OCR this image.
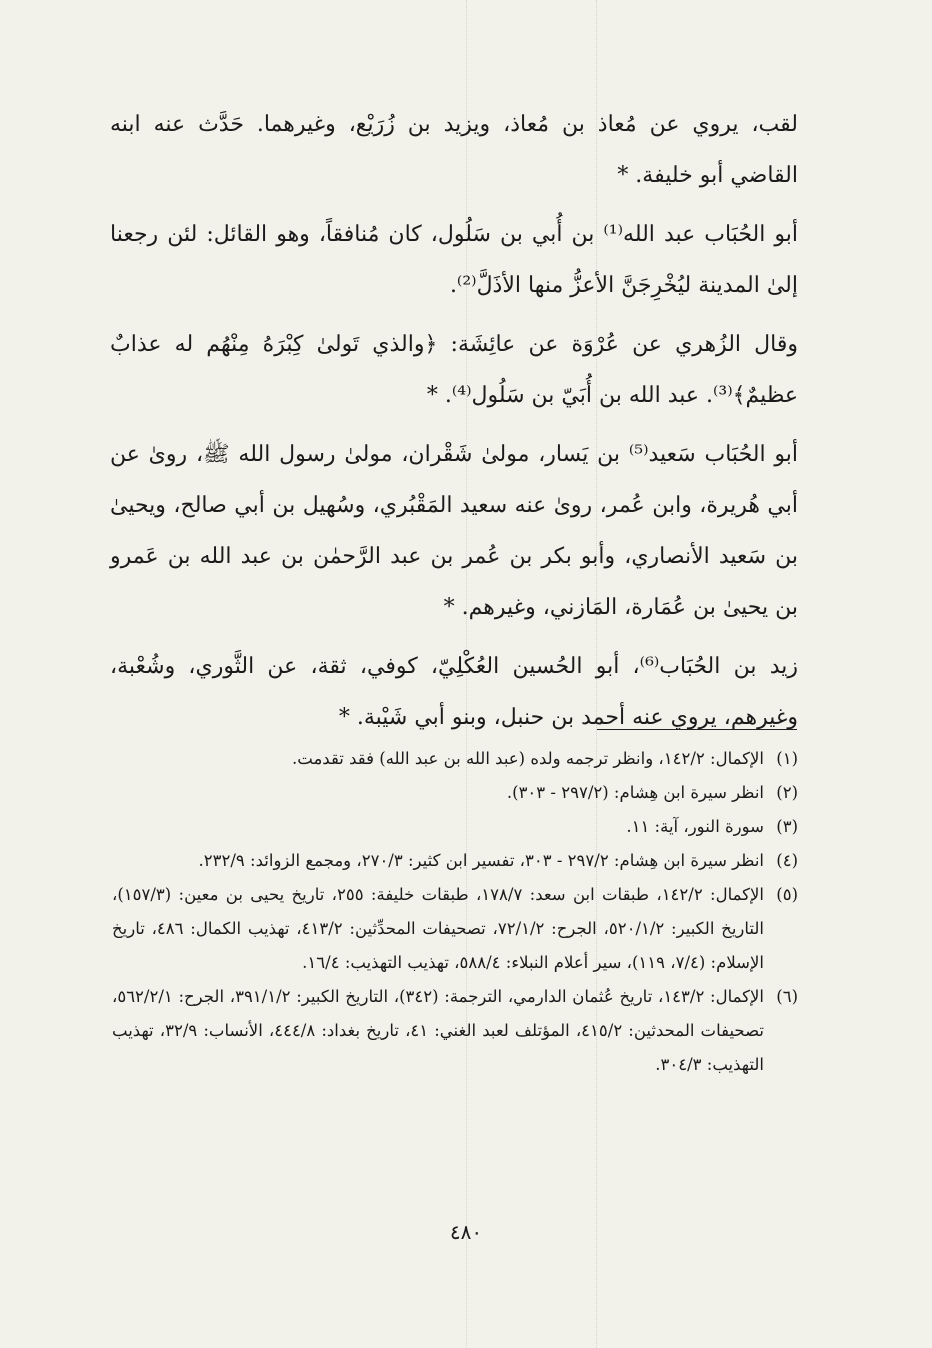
لقب، يروي عن مُعاذ بن مُعاذ، ويزيد بن زُرَيْع، وغيرهما. حَدَّث عنه ابنه القاضي أبو خليفة. *

أبو الحُبَاب عبد الله⁽¹⁾ بن أُبي بن سَلُول، كان مُنافقاً، وهو القائل: لئن رجعنا إلىٰ المدينة ليُخْرِجَنَّ الأعزُّ منها الأذَلَّ⁽²⁾.

وقال الزُهري عن عُرْوَة عن عائِشَة: ﴿والذي تَولىٰ كِبْرَهُ مِنْهُم له عذابٌ عظيمٌ﴾⁽³⁾. عبد الله بن أُبَيّ بن سَلُول⁽⁴⁾. *

أبو الحُبَاب سَعيد⁽⁵⁾ بن يَسار، مولىٰ شَقْران، مولىٰ رسول الله ﷺ، روىٰ عن أبي هُريرة، وابن عُمر، روىٰ عنه سعيد المَقْبُري، وسُهيل بن أبي صالح، ويحيىٰ بن سَعيد الأنصاري، وأبو بكر بن عُمر بن عبد الرَّحمٰن بن عبد الله بن عَمرو بن يحيىٰ بن عُمَارة، المَازني، وغيرهم. *

زيد بن الحُبَاب⁽⁶⁾، أبو الحُسين العُكْلِيّ، كوفي، ثقة، عن الثَّوري، وشُعْبة، وغيرهم، يروي عنه أحمد بن حنبل، وبنو أبي شَيْبة. *

(١)
الإكمال: ١٤٢/٢، وانظر ترجمه ولده (عبد الله بن عبد الله) فقد تقدمت.
(٢)
انظر سيرة ابن هِشام: (٢٩٧/٢ - ٣٠٣).
(٣)
سورة النور، آية: ١١.
(٤)
انظر سيرة ابن هِشام: ٢٩٧/٢ - ٣٠٣، تفسير ابن كثير: ٢٧٠/٣، ومجمع الزوائد: ٢٣٢/٩.
(٥)
الإكمال: ١٤٢/٢، طبقات ابن سعد: ١٧٨/٧، طبقات خليفة: ٢٥٥، تاريخ يحيى بن معين: (١٥٧/٣)، التاريخ الكبير: ٥٢٠/١/٢، الجرح: ٧٢/١/٢، تصحيفات المحدِّثين: ٤١٣/٢، تهذيب الكمال: ٤٨٦، تاريخ الإسلام: (٧/٤، ١١٩)، سير أعلام النبلاء: ٥٨٨/٤، تهذيب التهذيب: ١٦/٤.
(٦)
الإكمال: ١٤٣/٢، تاريخ عُثمان الدارمي، الترجمة: (٣٤٢)، التاريخ الكبير: ٣٩١/١/٢، الجرح: ٥٦٢/٢/١، تصحيفات المحدثين: ٤١٥/٢، المؤتلف لعبد الغني: ٤١، تاريخ بغداد: ٤٤٤/٨، الأنساب: ٣٢/٩، تهذيب التهذيب: ٣٠٤/٣.
٤٨٠
